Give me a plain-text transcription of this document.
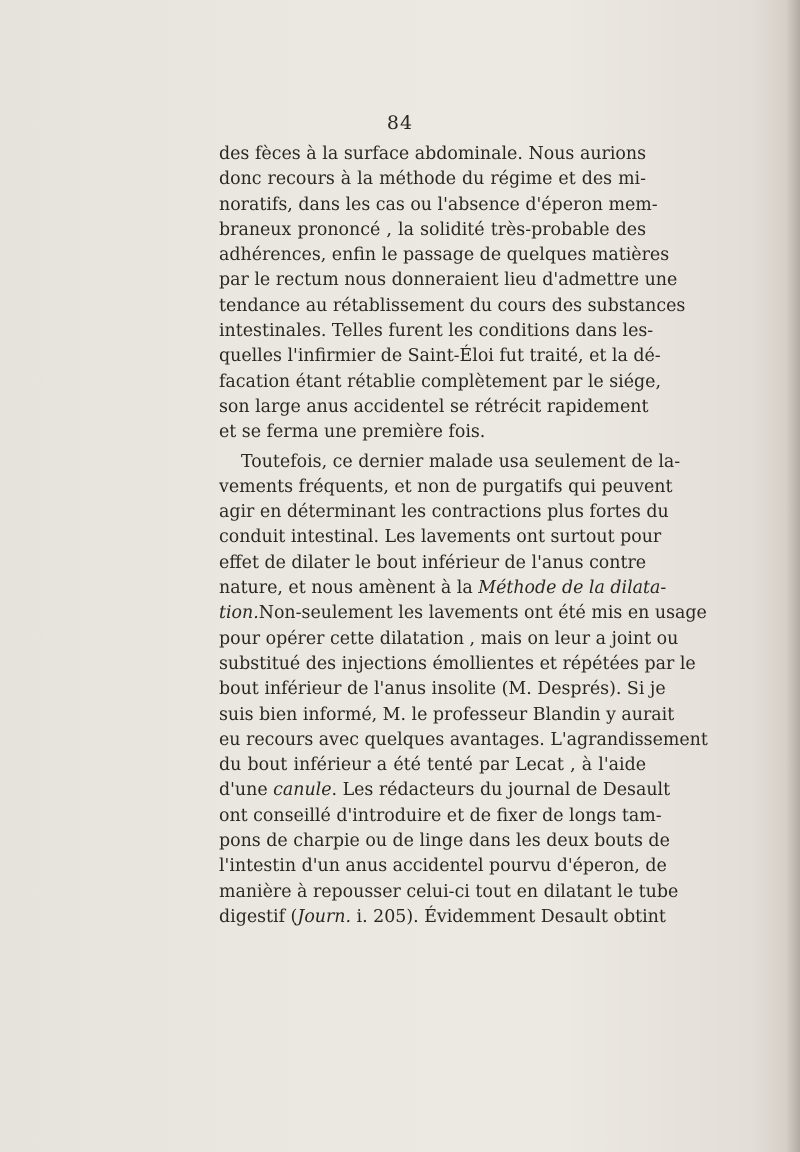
84
des fèces à la surface abdominale. Nous aurions
donc recours à la méthode du régime et des mi-
noratifs, dans les cas ou l'absence d'éperon mem-
braneux prononcé , la solidité très-probable des
adhérences, enfin le passage de quelques matières
par le rectum nous donneraient lieu d'admettre une
tendance au rétablissement du cours des substances
intestinales. Telles furent les conditions dans les-
quelles l'infirmier de Saint-Éloi fut traité, et la dé-
facation étant rétablie complètement par le siége,
son large anus accidentel se rétrécit rapidement
et se ferma une première fois.
Toutefois, ce dernier malade usa seulement de la-
vements fréquents, et non de purgatifs qui peuvent
agir en déterminant les contractions plus fortes du
conduit intestinal. Les lavements ont surtout pour
effet de dilater le bout inférieur de l'anus contre
nature, et nous amènent à la Méthode de la dilata-
tion.Non-seulement les lavements ont été mis en usage
pour opérer cette dilatation , mais on leur a joint ou
substitué des injections émollientes et répétées par le
bout inférieur de l'anus insolite (M. Després). Si je
suis bien informé, M. le professeur Blandin y aurait
eu recours avec quelques avantages. L'agrandissement
du bout inférieur a été tenté par Lecat , à l'aide
d'une canule. Les rédacteurs du journal de Desault
ont conseillé d'introduire et de fixer de longs tam-
pons de charpie ou de linge dans les deux bouts de
l'intestin d'un anus accidentel pourvu d'éperon, de
manière à repousser celui-ci tout en dilatant le tube
digestif (Journ. i. 205). Évidemment Desault obtint
